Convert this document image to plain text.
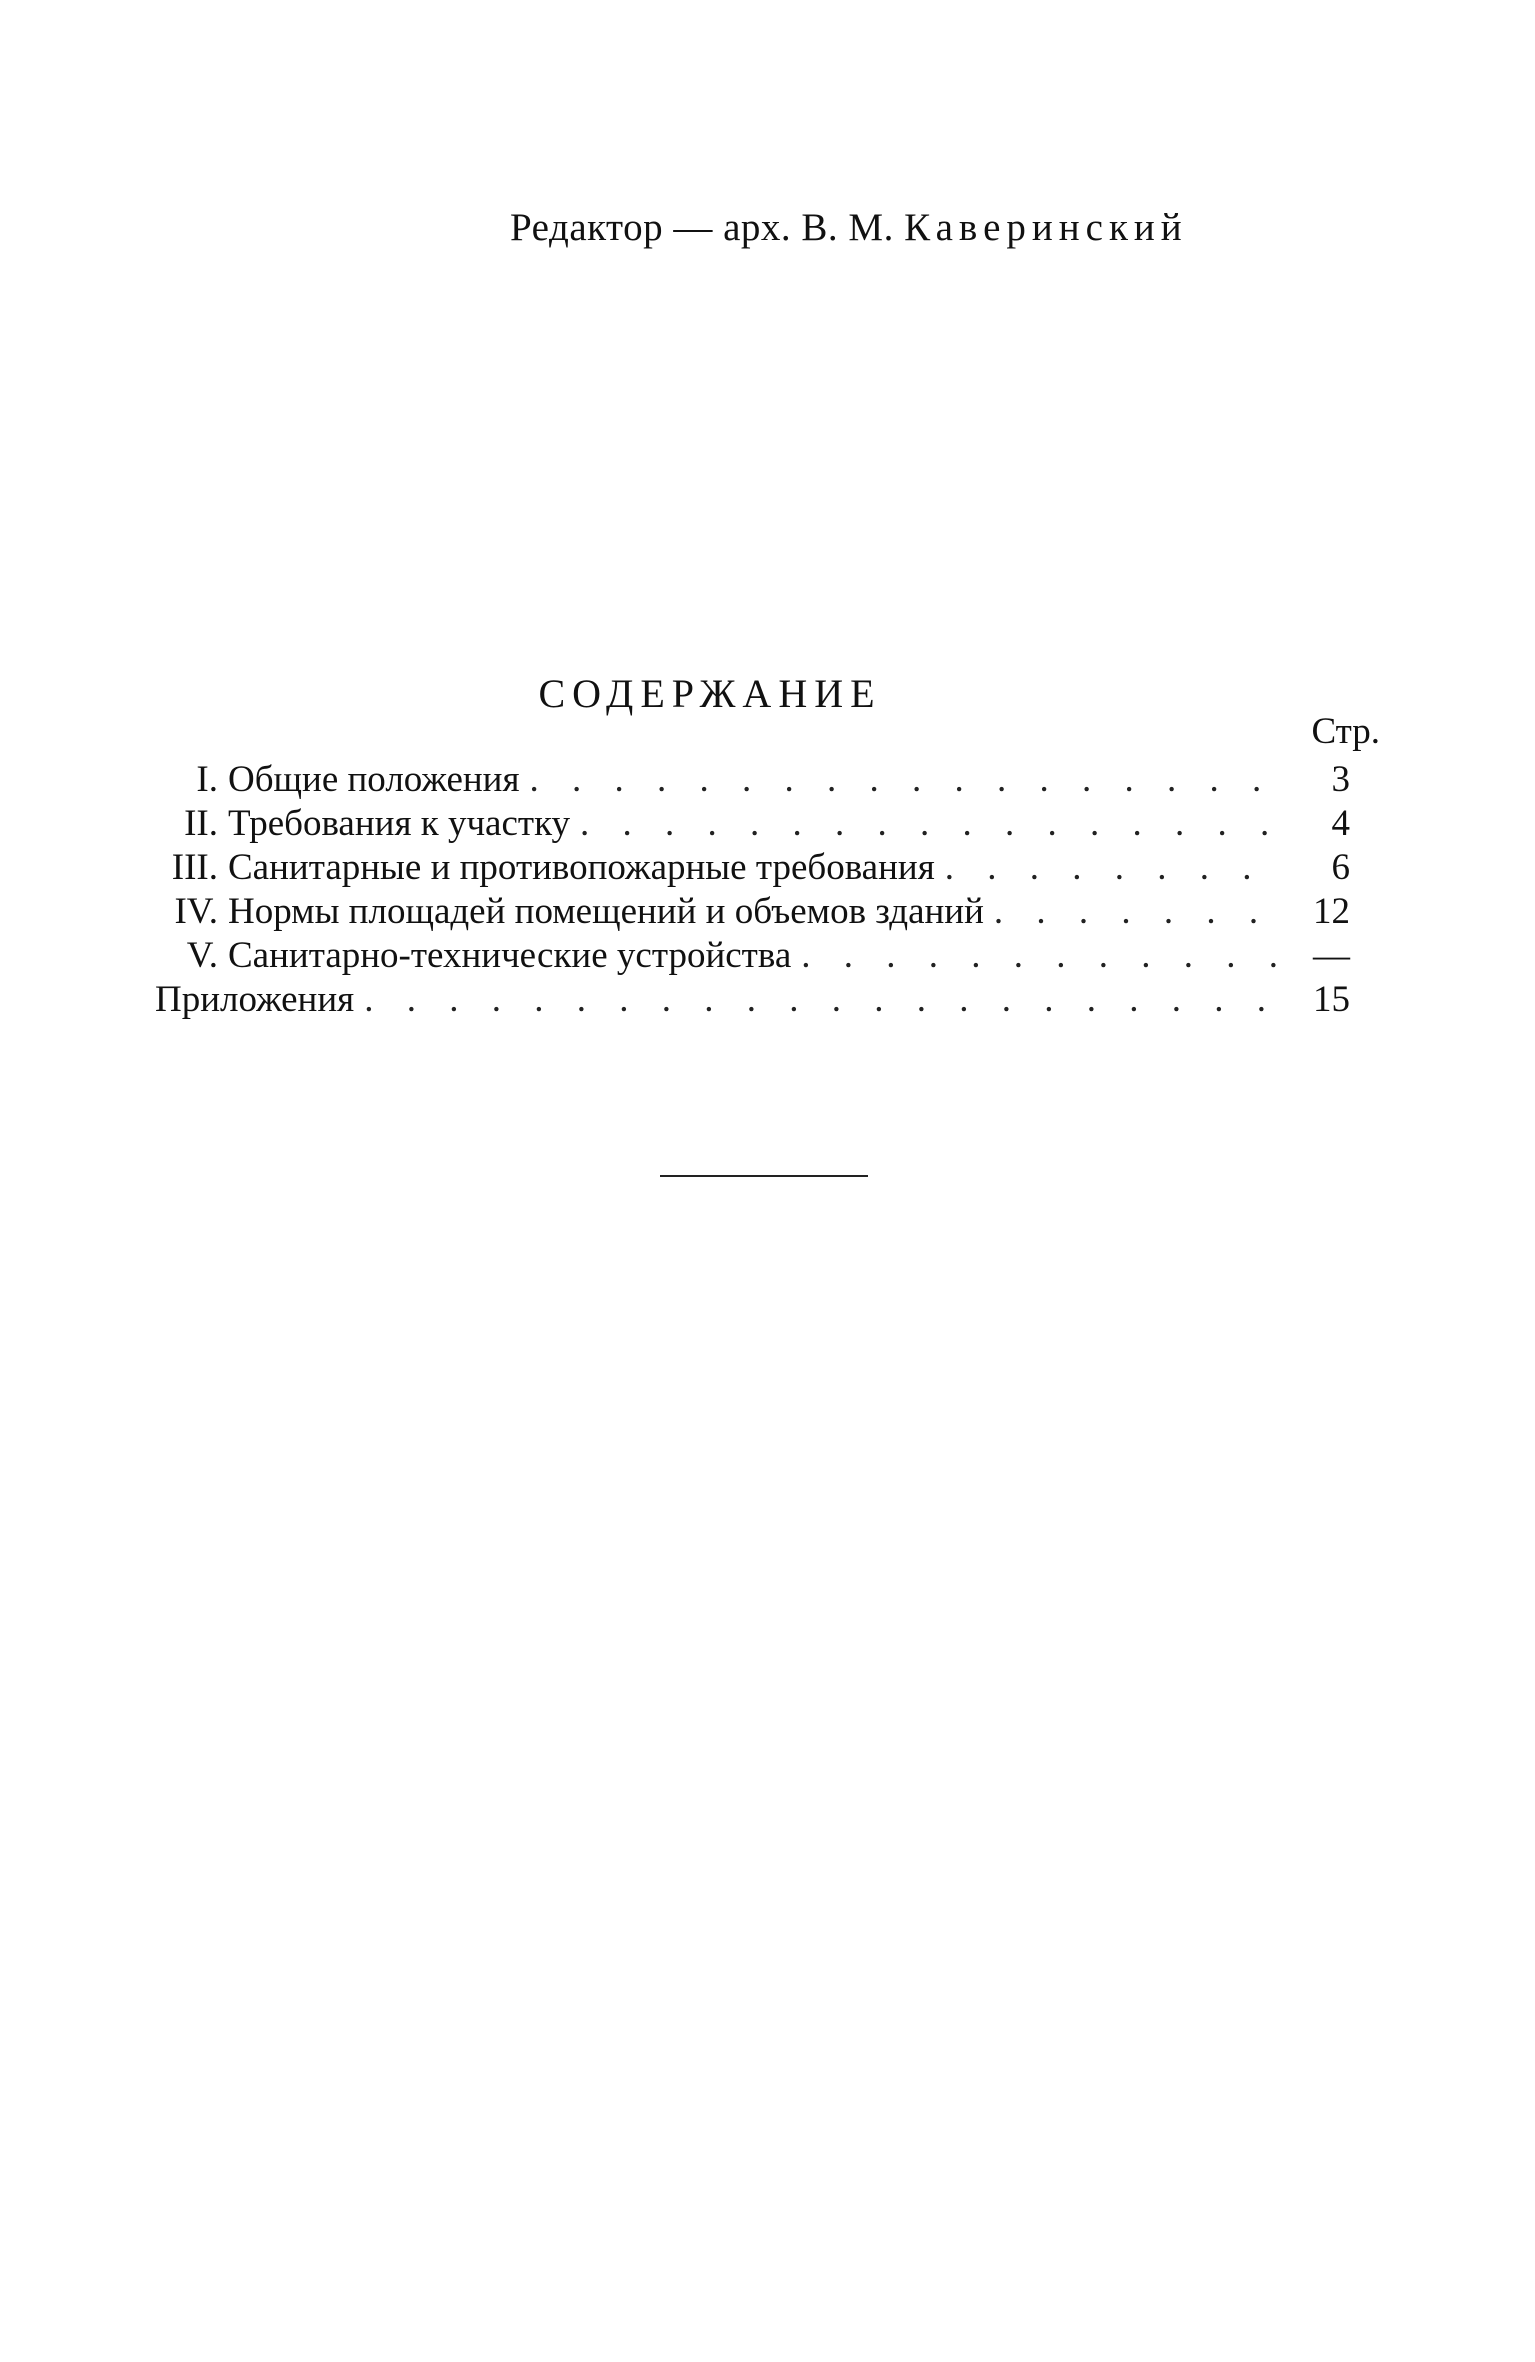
Редактор — арх. В. М. Каверинский
СОДЕРЖАНИЕ
Стр.
I. Общие положения . . .	3
II. Требования к участку . . .	4
III. Санитарные и противопожарные требования . . .	6
IV. Нормы площадей помещений и объемов зданий . . .	12
V. Санитарно-технические устройства . . .	—
Приложения . . .	15
